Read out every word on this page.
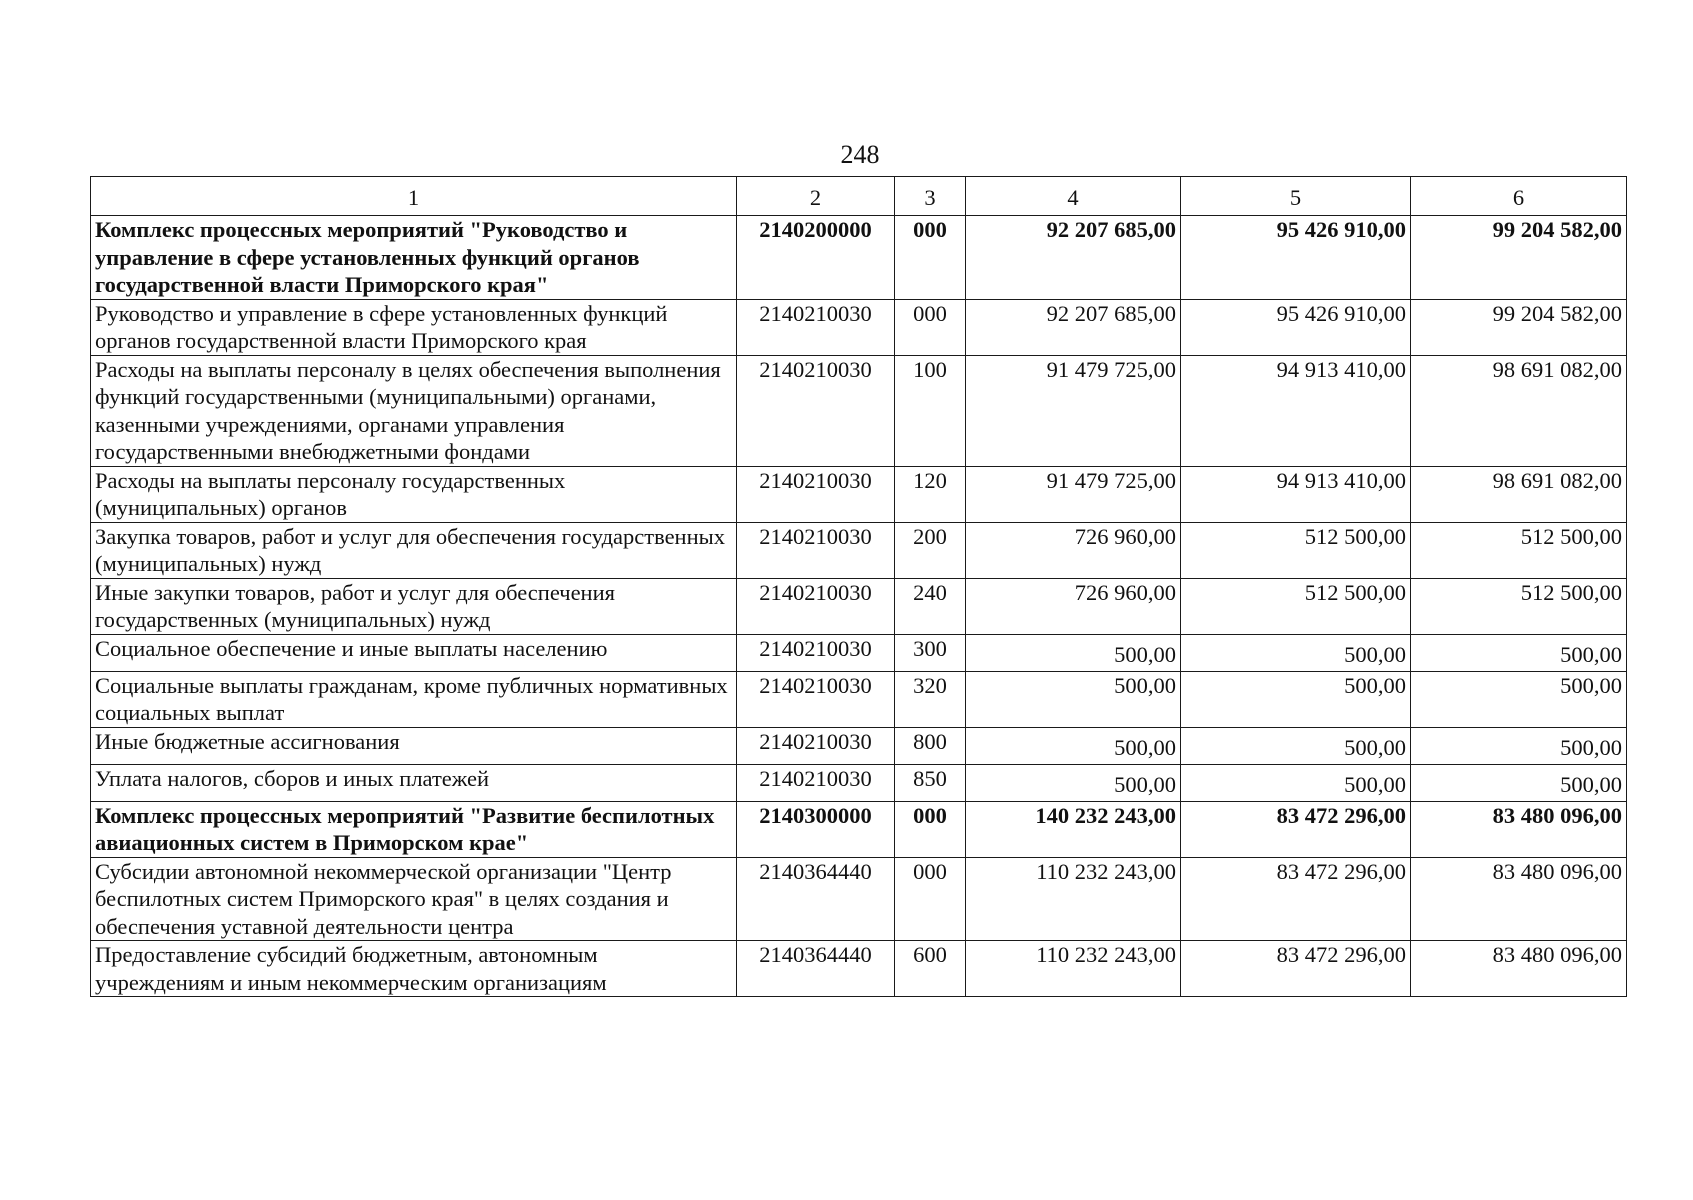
248
1	2	3	4	5	6
Комплекс процессных мероприятий "Руководство и управление в сфере установленных функций органов государственной власти Приморского края"	2140200000	000	92 207 685,00	95 426 910,00	99 204 582,00
Руководство и управление в сфере установленных функций органов государственной власти Приморского края	2140210030	000	92 207 685,00	95 426 910,00	99 204 582,00
Расходы на выплаты персоналу в целях обеспечения выполнения функций государственными (муниципальными) органами, казенными учреждениями, органами управления государственными внебюджетными фондами	2140210030	100	91 479 725,00	94 913 410,00	98 691 082,00
Расходы на выплаты персоналу государственных (муниципальных) органов	2140210030	120	91 479 725,00	94 913 410,00	98 691 082,00
Закупка товаров, работ и услуг для обеспечения государственных (муниципальных) нужд	2140210030	200	726 960,00	512 500,00	512 500,00
Иные закупки товаров, работ и услуг для обеспечения государственных (муниципальных) нужд	2140210030	240	726 960,00	512 500,00	512 500,00
Социальное обеспечение и иные выплаты населению	2140210030	300	500,00	500,00	500,00
Социальные выплаты гражданам, кроме публичных нормативных социальных выплат	2140210030	320	500,00	500,00	500,00
Иные бюджетные ассигнования	2140210030	800	500,00	500,00	500,00
Уплата налогов, сборов и иных платежей	2140210030	850	500,00	500,00	500,00
Комплекс процессных мероприятий "Развитие беспилотных авиационных систем в Приморском крае"	2140300000	000	140 232 243,00	83 472 296,00	83 480 096,00
Субсидии автономной некоммерческой организации "Центр беспилотных систем Приморского края" в целях создания и обеспечения уставной деятельности центра	2140364440	000	110 232 243,00	83 472 296,00	83 480 096,00
Предоставление субсидий бюджетным, автономным учреждениям и иным некоммерческим организациям	2140364440	600	110 232 243,00	83 472 296,00	83 480 096,00
